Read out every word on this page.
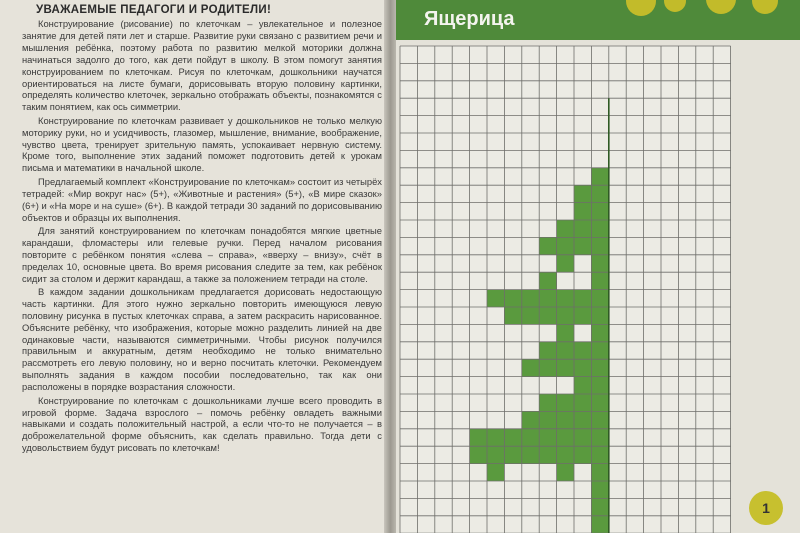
УВАЖАЕМЫЕ ПЕДАГОГИ И РОДИТЕЛИ!

Конструирование (рисование) по клеточкам – увлекательное и полезное занятие для детей пяти лет и старше. Развитие руки связано с развитием речи и мышления ребёнка, поэтому работа по развитию мелкой моторики должна начинаться задолго до того, как дети пойдут в школу. В этом помогут занятия конструированием по клеточкам. Рисуя по клеточкам, дошкольники научатся ориентироваться на листе бумаги, дорисовывать вторую половину картинки, определять количество клеточек, зеркально отображать объекты, познакомятся с таким понятием, как ось симметрии.

Конструирование по клеточкам развивает у дошкольников не только мелкую моторику руки, но и усидчивость, глазомер, мышление, внимание, воображение, чувство цвета, тренирует зрительную память, успокаивает нервную систему. Кроме того, выполнение этих заданий поможет подготовить детей к урокам письма и математики в начальной школе.

Предлагаемый комплект «Конструирование по клеточкам» состоит из четырёх тетрадей: «Мир вокруг нас» (5+), «Животные и растения» (5+), «В мире сказок» (6+) и «На море и на суше» (6+). В каждой тетради 30 заданий по дорисовыванию объектов и образцы их выполнения.

Для занятий конструированием по клеточкам понадобятся мягкие цветные карандаши, фломастеры или гелевые ручки. Перед началом рисования повторите с ребёнком понятия «слева – справа», «вверху – внизу», счёт в пределах 10, основные цвета. Во время рисования следите за тем, как ребёнок сидит за столом и держит карандаш, а также за положением тетради на столе.

В каждом задании дошкольникам предлагается дорисовать недостающую часть картинки. Для этого нужно зеркально повторить имеющуюся левую половину рисунка в пустых клеточках справа, а затем раскрасить нарисованное. Объясните ребёнку, что изображения, которые можно разделить линией на две одинаковые части, называются симметричными. Чтобы рисунок получился правильным и аккуратным, детям необходимо не только внимательно рассмотреть его левую половину, но и верно посчитать клеточки. Рекомендуем выполнять задания в каждом пособии последовательно, так как они расположены в порядке возрастания сложности.

Конструирование по клеточкам с дошкольниками лучше всего проводить в игровой форме. Задача взрослого – помочь ребёнку овладеть важными навыками и создать положительный настрой, а если что-то не получается – в доброжелательной форме объяснить, как сделать правильно. Тогда дети с удовольствием будут рисовать по клеточкам!

Ящерица
1
